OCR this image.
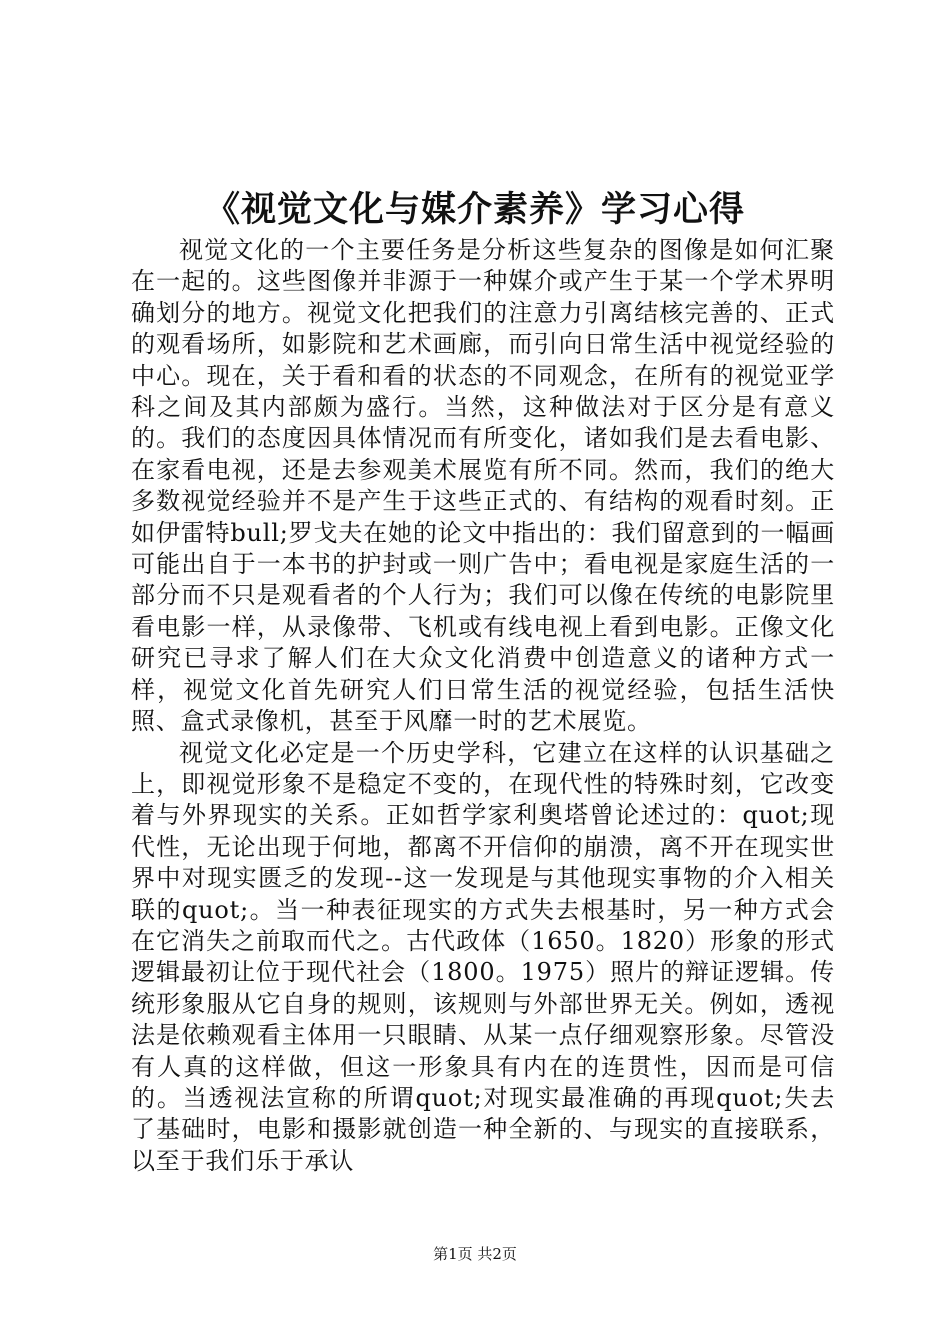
《视觉文化与媒介素养》学习心得

视觉文化的一个主要任务是分析这些复杂的图像是如何汇聚在一起的。这些图像并非源于一种媒介或产生于某一个学术界明确划分的地方。视觉文化把我们的注意力引离结核完善的、正式的观看场所，如影院和艺术画廊，而引向日常生活中视觉经验的中心。现在，关于看和看的状态的不同观念，在所有的视觉亚学科之间及其内部颇为盛行。当然，这种做法对于区分是有意义的。我们的态度因具体情况而有所变化，诸如我们是去看电影、在家看电视，还是去参观美术展览有所不同。然而，我们的绝大多数视觉经验并不是产生于这些正式的、有结构的观看时刻。正如伊雷特bull;罗戈夫在她的论文中指出的：我们留意到的一幅画可能出自于一本书的护封或一则广告中；看电视是家庭生活的一部分而不只是观看者的个人行为；我们可以像在传统的电影院里看电影一样，从录像带、飞机或有线电视上看到电影。正像文化研究已寻求了解人们在大众文化消费中创造意义的诸种方式一样，视觉文化首先研究人们日常生活的视觉经验，包括生活快照、盒式录像机，甚至于风靡一时的艺术展览。

视觉文化必定是一个历史学科，它建立在这样的认识基础之上，即视觉形象不是稳定不变的，在现代性的特殊时刻，它改变着与外界现实的关系。正如哲学家利奥塔曾论述过的：quot;现代性，无论出现于何地，都离不开信仰的崩溃，离不开在现实世界中对现实匮乏的发现--这一发现是与其他现实事物的介入相关联的quot;。当一种表征现实的方式失去根基时，另一种方式会在它消失之前取而代之。古代政体（1650。1820）形象的形式逻辑最初让位于现代社会（1800。1975）照片的辩证逻辑。传统形象服从它自身的规则，该规则与外部世界无关。例如，透视法是依赖观看主体用一只眼睛、从某一点仔细观察形象。尽管没有人真的这样做，但这一形象具有内在的连贯性，因而是可信的。当透视法宣称的所谓quot;对现实最准确的再现quot;失去了基础时，电影和摄影就创造一种全新的、与现实的直接联系，以至于我们乐于承认

第1页 共2页
